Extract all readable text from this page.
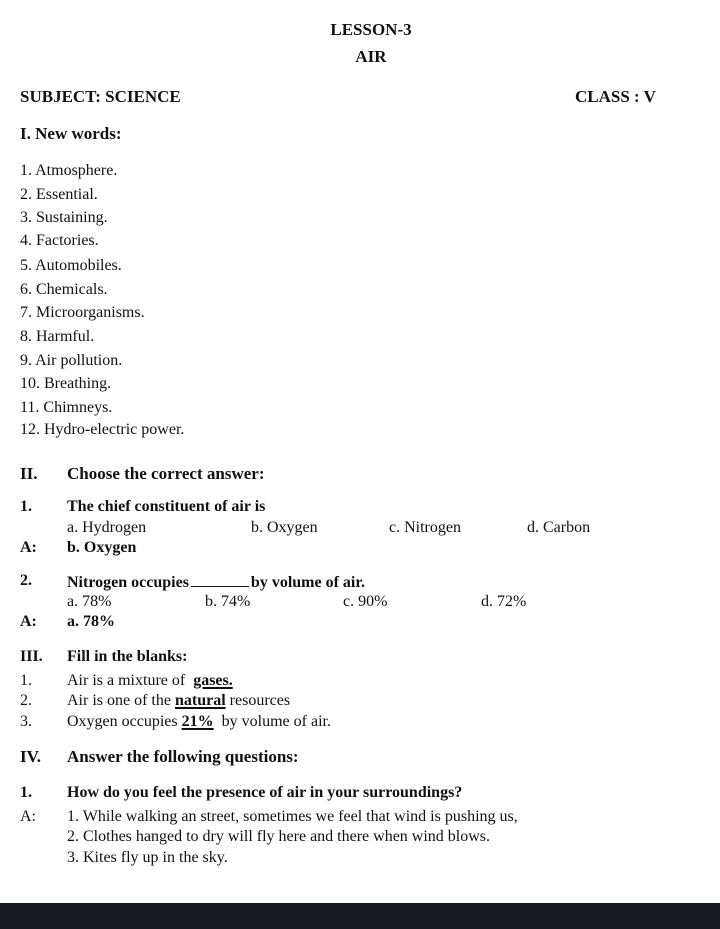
LESSON-3
AIR
SUBJECT: SCIENCE	CLASS : V
I. New words:
1. Atmosphere.
2. Essential.
3. Sustaining.
4. Factories.
5. Automobiles.
6. Chemicals.
7. Microorganisms.
8. Harmful.
9. Air pollution.
10. Breathing.
11. Chimneys.
12. Hydro-electric power.
II. Choose the correct answer:
1. The chief constituent of air is
a. Hydrogen	b. Oxygen	c. Nitrogen	d. Carbon
A: b. Oxygen
2. Nitrogen occupies	by volume of air.
a. 78%	b. 74%	c. 90%	d. 72%
A: a. 78%
III. Fill in the blanks:
1. Air is a mixture of gases.
2. Air is one of the natural resources
3. Oxygen occupies 21% by volume of air.
IV. Answer the following questions:
1. How do you feel the presence of air in your surroundings?
A: 1. While walking an street, sometimes we feel that wind is pushing us,
2. Clothes hanged to dry will fly here and there when wind blows.
3. Kites fly up in the sky.
